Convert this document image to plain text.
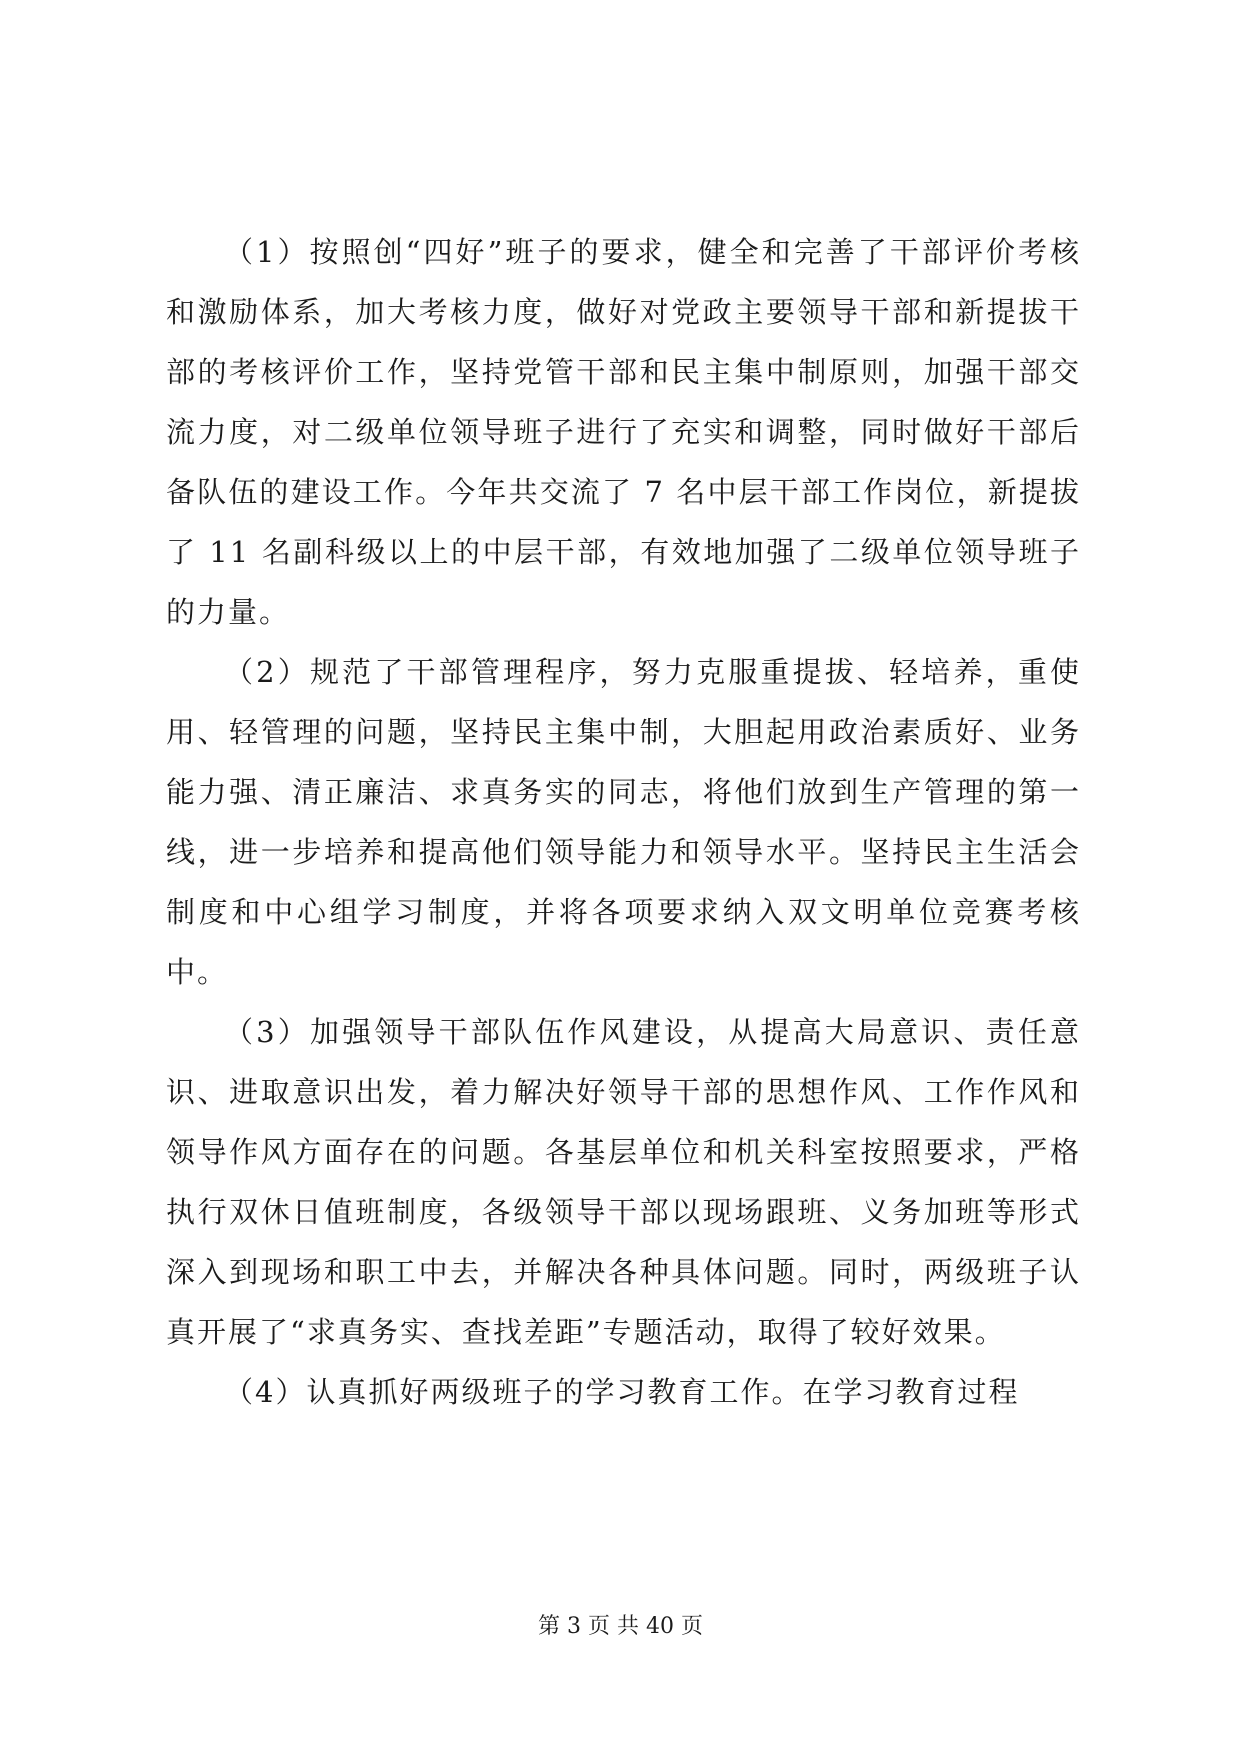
（1）按照创“四好”班子的要求，健全和完善了干部评价考核和激励体系，加大考核力度，做好对党政主要领导干部和新提拔干部的考核评价工作，坚持党管干部和民主集中制原则，加强干部交流力度，对二级单位领导班子进行了充实和调整，同时做好干部后备队伍的建设工作。今年共交流了 7 名中层干部工作岗位，新提拔了 11 名副科级以上的中层干部，有效地加强了二级单位领导班子的力量。

（2）规范了干部管理程序，努力克服重提拔、轻培养，重使用、轻管理的问题，坚持民主集中制，大胆起用政治素质好、业务能力强、清正廉洁、求真务实的同志，将他们放到生产管理的第一线，进一步培养和提高他们领导能力和领导水平。坚持民主生活会制度和中心组学习制度，并将各项要求纳入双文明单位竞赛考核中。

（3）加强领导干部队伍作风建设，从提高大局意识、责任意识、进取意识出发，着力解决好领导干部的思想作风、工作作风和领导作风方面存在的问题。各基层单位和机关科室按照要求，严格执行双休日值班制度，各级领导干部以现场跟班、义务加班等形式深入到现场和职工中去，并解决各种具体问题。同时，两级班子认真开展了“求真务实、查找差距”专题活动，取得了较好效果。

（4）认真抓好两级班子的学习教育工作。在学习教育过程

第 3 页 共 40 页
